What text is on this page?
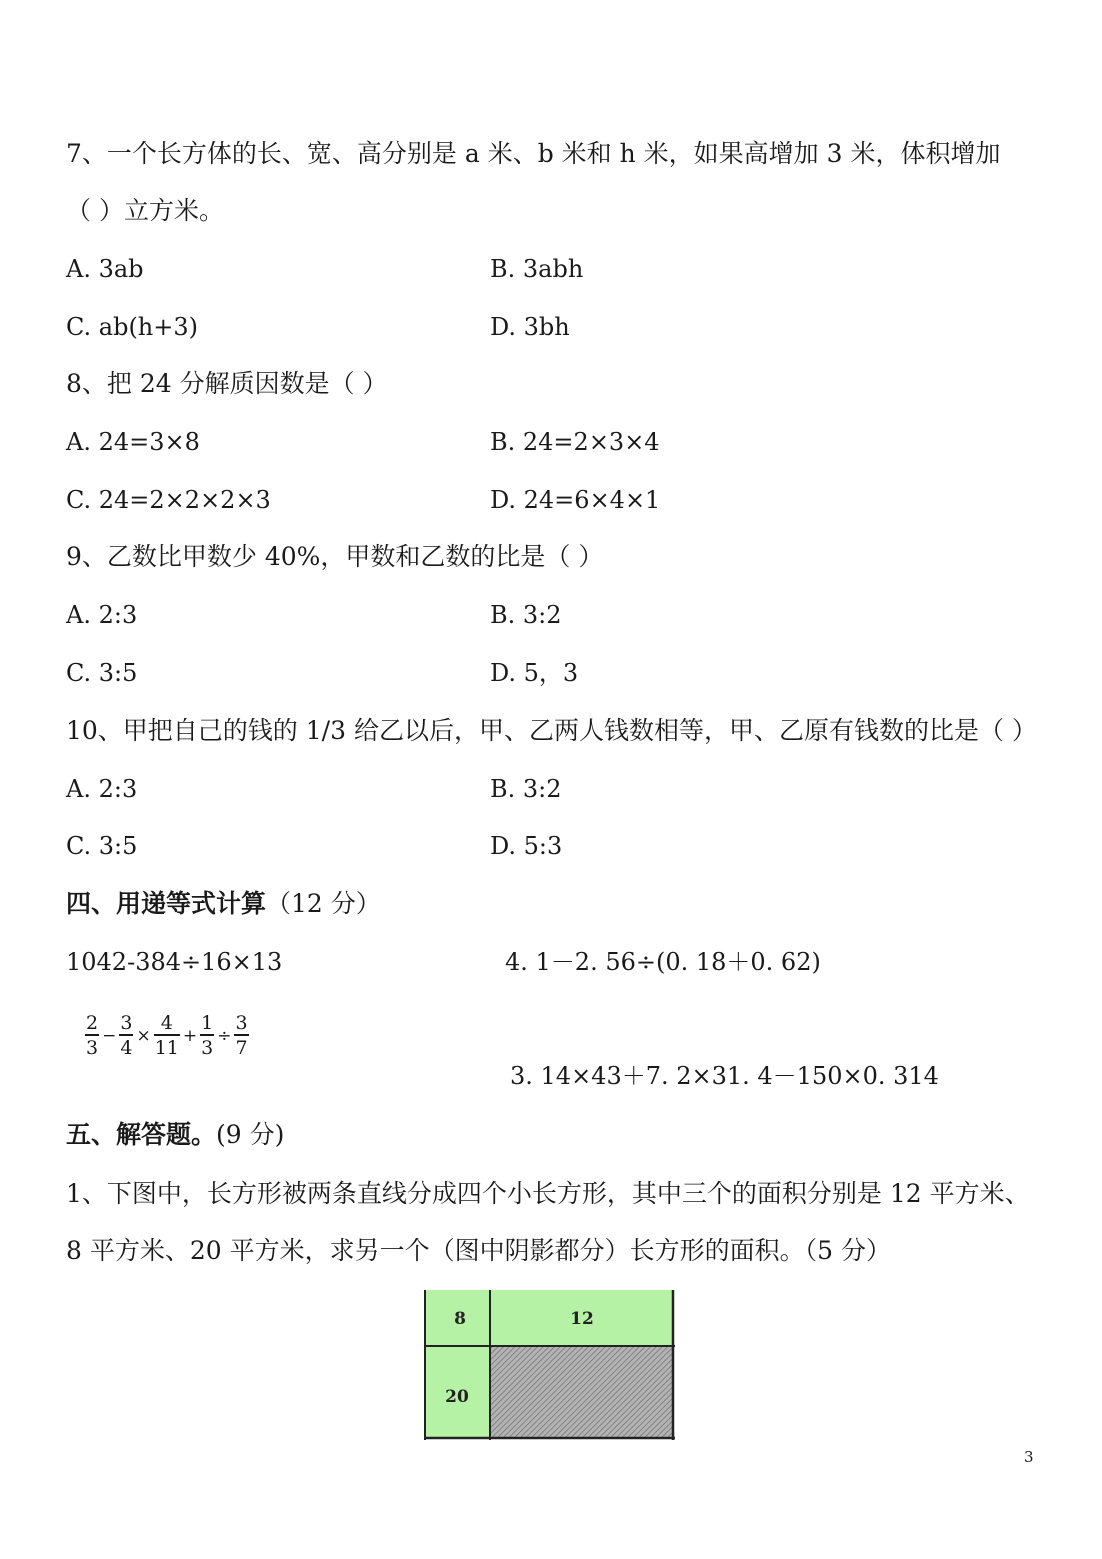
7、一个长方体的长、宽、高分别是 a 米、b 米和 h 米，如果高增加 3 米，体积增加
（ ）立方米。
A. 3ab	B. 3abh
C. ab(h+3)	D. 3bh
8、把 24 分解质因数是（ ）
A. 24=3×8	B. 24=2×3×4
C. 24=2×2×2×3	D. 24=6×4×1
9、乙数比甲数少 40%，甲数和乙数的比是（ ）
A. 2:3	B. 3:2
C. 3:5	D. 5，3
10、甲把自己的钱的 1/3 给乙以后，甲、乙两人钱数相等，甲、乙原有钱数的比是（ ）
A. 2:3	B. 3:2
C. 3:5	D. 5:3
四、用递等式计算（12 分）
1042-384÷16×13	4. 1－2. 56÷(0. 18＋0. 62)
$\frac{2}{3} - \frac{3}{4} \times \frac{4}{11} + \frac{1}{3} \div \frac{3}{7}$
3. 14×43＋7. 2×31. 4－150×0. 314
五、解答题。(9 分)
1、下图中，长方形被两条直线分成四个小长方形，其中三个的面积分别是 12 平方米、
8 平方米、20 平方米，求另一个（图中阴影都分）长方形的面积。（5 分）
8	12
20
3
